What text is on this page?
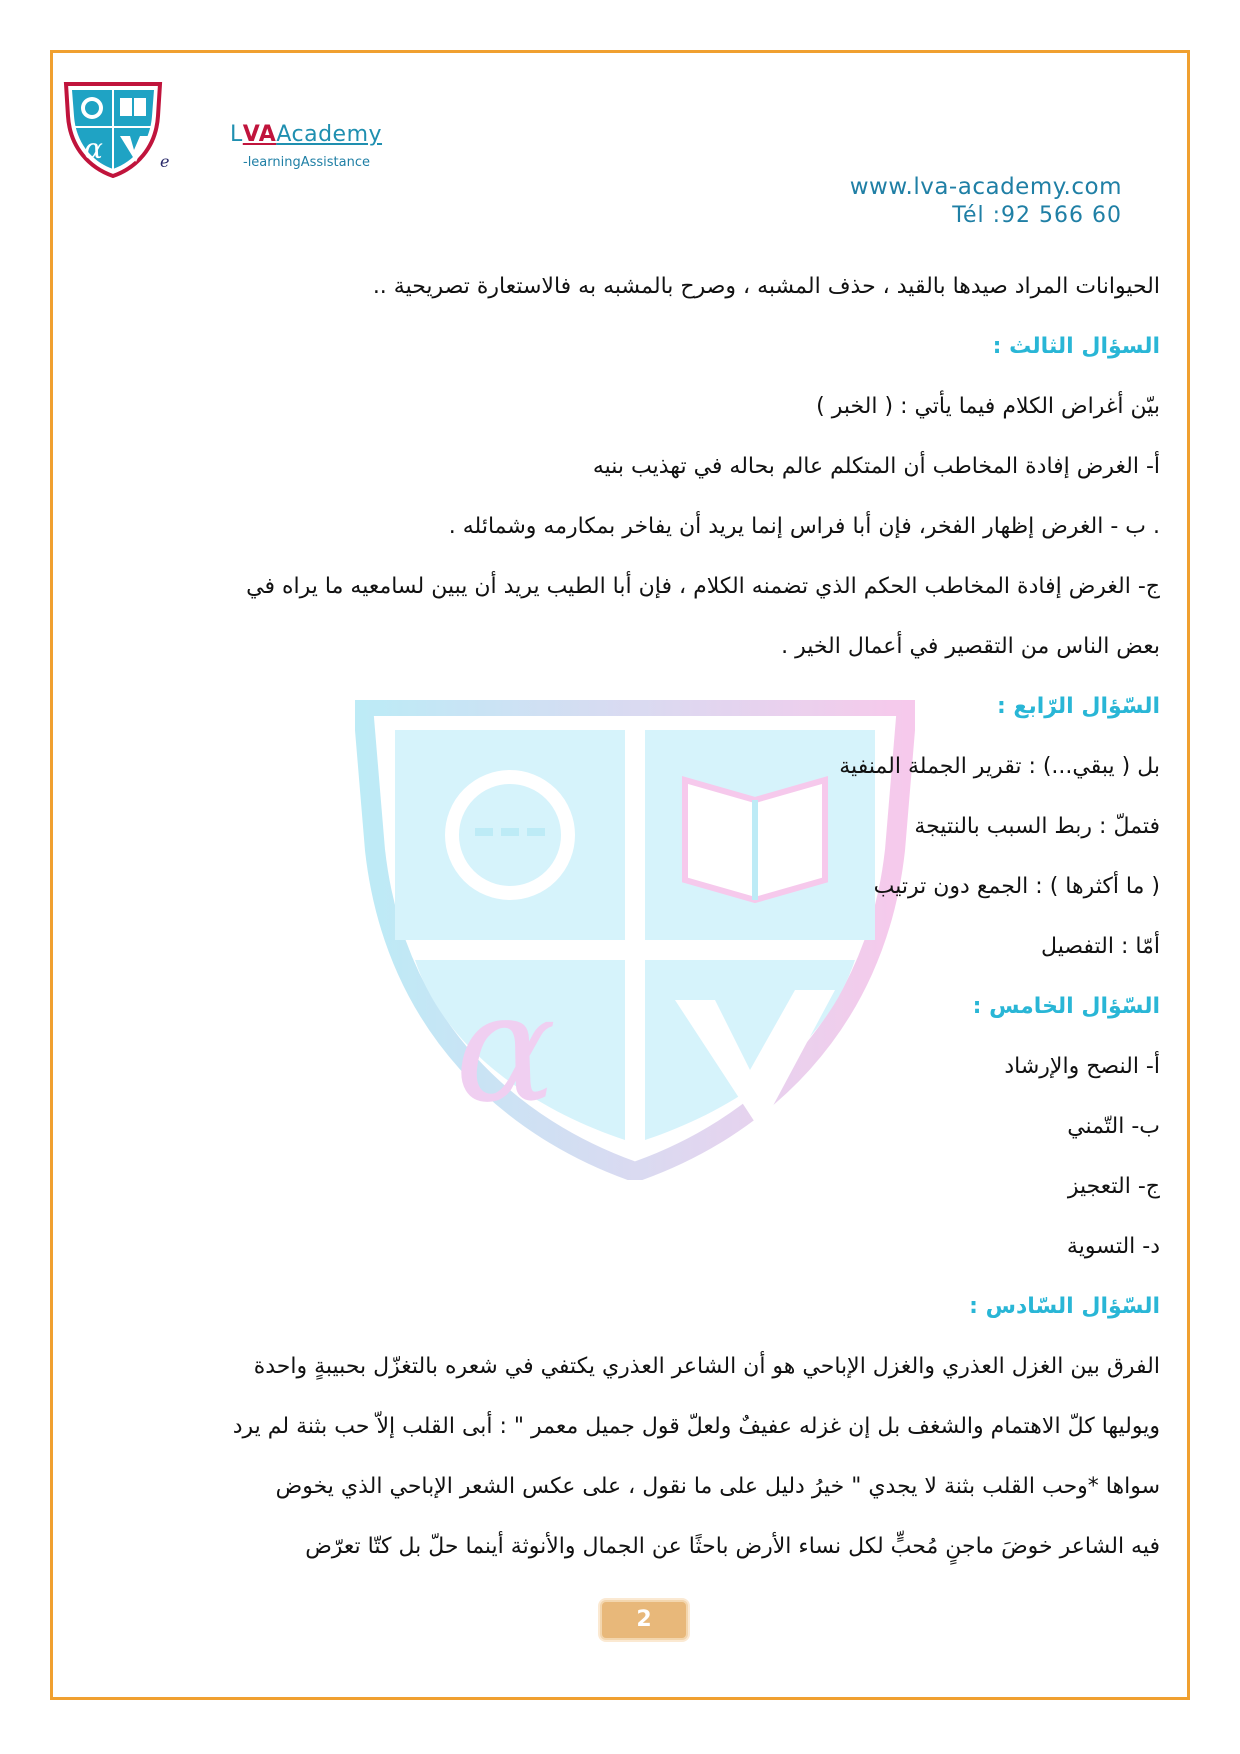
α	e
LVAAcademy
-learningAssistance
www.lva-academy.com
Tél :92 566 60
α
الحيوانات المراد صيدها بالقيد ، حذف المشبه ، وصرح بالمشبه به فالاستعارة تصريحية ..
السؤال الثالث :
بيّن أغراض الكلام فيما يأتي : ( الخبر )
أ- الغرض إفادة المخاطب أن المتكلم عالم بحاله في تهذيب بنيه
. ب - الغرض إظهار الفخر، فإن أبا فراس إنما يريد أن يفاخر بمكارمه وشمائله .
ج- الغرض إفادة المخاطب الحكم الذي تضمنه الكلام ، فإن أبا الطيب يريد أن يبين لسامعيه ما يراه في
بعض الناس من التقصير في أعمال الخير .
السّؤال الرّابع :
بل ( يبقي...) : تقرير الجملة المنفية
فتملّ : ربط السبب بالنتيجة
( ما أكثرها ) : الجمع دون ترتيب
أمّا : التفصيل
السّؤال الخامس :
أ- النصح والإرشاد
ب- التّمني
ج- التعجيز
د- التسوية
السّؤال السّادس :
الفرق بين الغزل العذري والغزل الإباحي هو أن الشاعر العذري يكتفي في شعره بالتغزّل بحبيبةٍ واحدة
ويوليها كلّ الاهتمام والشغف بل إن غزله عفيفٌ ولعلّ قول جميل معمر " : أبى القلب إلاّ حب بثنة لم يرد
سواها *وحب القلب بثنة لا يجدي " خيرُ دليل على ما نقول ، على عكس الشعر الإباحي الذي يخوض
فيه الشاعر خوضَ ماجنٍ مُحبٍّ لكل نساء الأرض باحثًا عن الجمال والأنوثة أينما حلّ بل كتّا تعرّض
2
